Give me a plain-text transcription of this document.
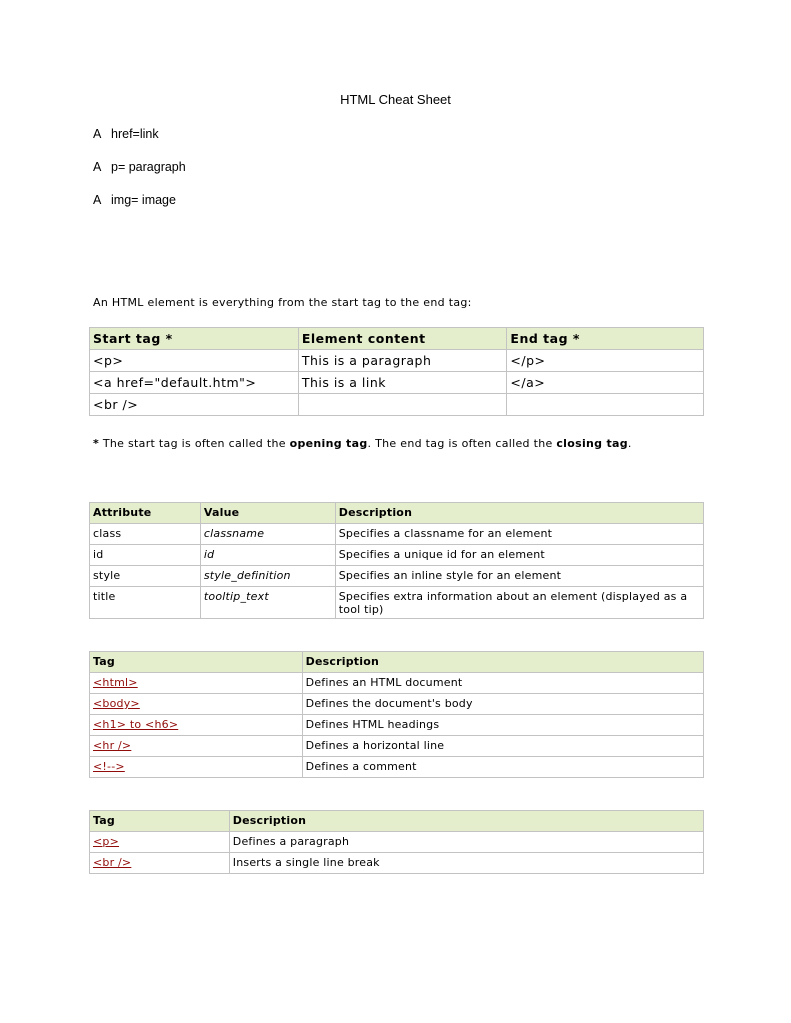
HTML Cheat Sheet
A href=link
A p= paragraph
A img= image
An HTML element is everything from the start tag to the end tag:
Start tag *	Element content	End tag *
<p>	This is a paragraph	</p>
<a href="default.htm">	This is a link	</a>
<br />		
* The start tag is often called the opening tag. The end tag is often called the closing tag.
Attribute	Value	Description
class	classname	Specifies a classname for an element
id	id	Specifies a unique id for an element
style	style_definition	Specifies an inline style for an element
title	tooltip_text	Specifies extra information about an element (displayed as a tool tip)
Tag	Description
<html>	Defines an HTML document
<body>	Defines the document's body
<h1> to <h6>	Defines HTML headings
<hr />	Defines a horizontal line
<!-->	Defines a comment
Tag	Description
<p>	Defines a paragraph
<br />	Inserts a single line break
